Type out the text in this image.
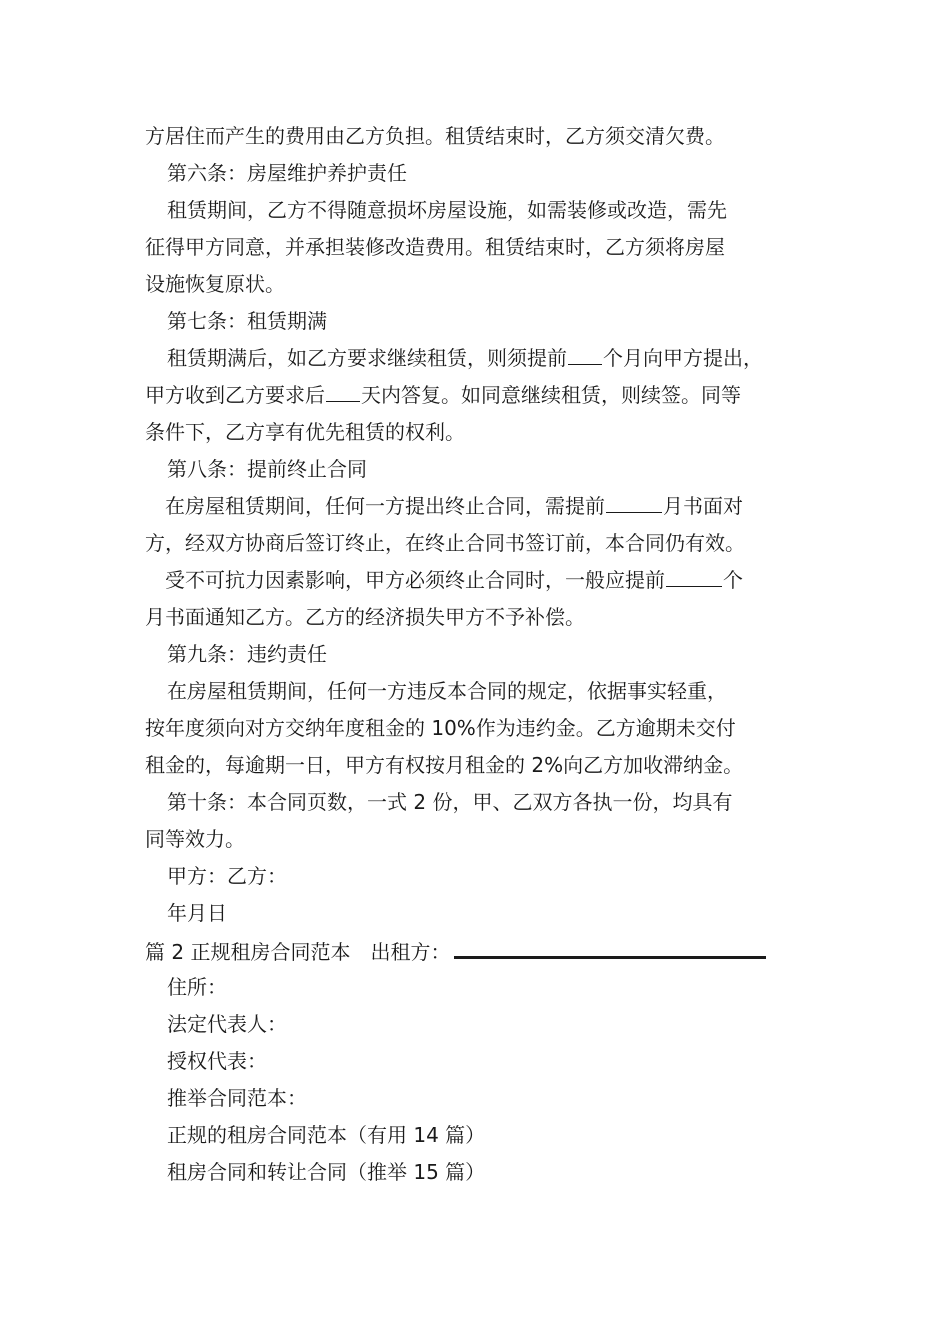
方居住而产生的费用由乙方负担。租赁结束时，乙方须交清欠费。
第六条：房屋维护养护责任
租赁期间，乙方不得随意损坏房屋设施，如需装修或改造，需先
征得甲方同意，并承担装修改造费用。租赁结束时，乙方须将房屋
设施恢复原状。
第七条：租赁期满
租赁期满后，如乙方要求继续租赁，则须提前 个月向甲方提出，
甲方收到乙方要求后 天内答复。如同意继续租赁，则续签。同等
条件下，乙方享有优先租赁的权利。
第八条：提前终止合同
在房屋租赁期间，任何一方提出终止合同，需提前	月书面对
方，经双方协商后签订终止，在终止合同书签订前，本合同仍有效。
受不可抗力因素影响，甲方必须终止合同时，一般应提前	个
月书面通知乙方。乙方的经济损失甲方不予补偿。
第九条：违约责任
在房屋租赁期间，任何一方违反本合同的规定，依据事实轻重，
按年度须向对方交纳年度租金的 10%作为违约金。乙方逾期未交付
租金的，每逾期一日，甲方有权按月租金的 2%向乙方加收滞纳金。
第十条：本合同页数，一式 2 份，甲、乙双方各执一份，均具有
同等效力。
甲方：乙方：
年月日
篇 2 正规租房合同范本　出租方：
住所：
法定代表人：
授权代表：
推举合同范本：
正规的租房合同范本（有用 14 篇）
租房合同和转让合同（推举 15 篇）
